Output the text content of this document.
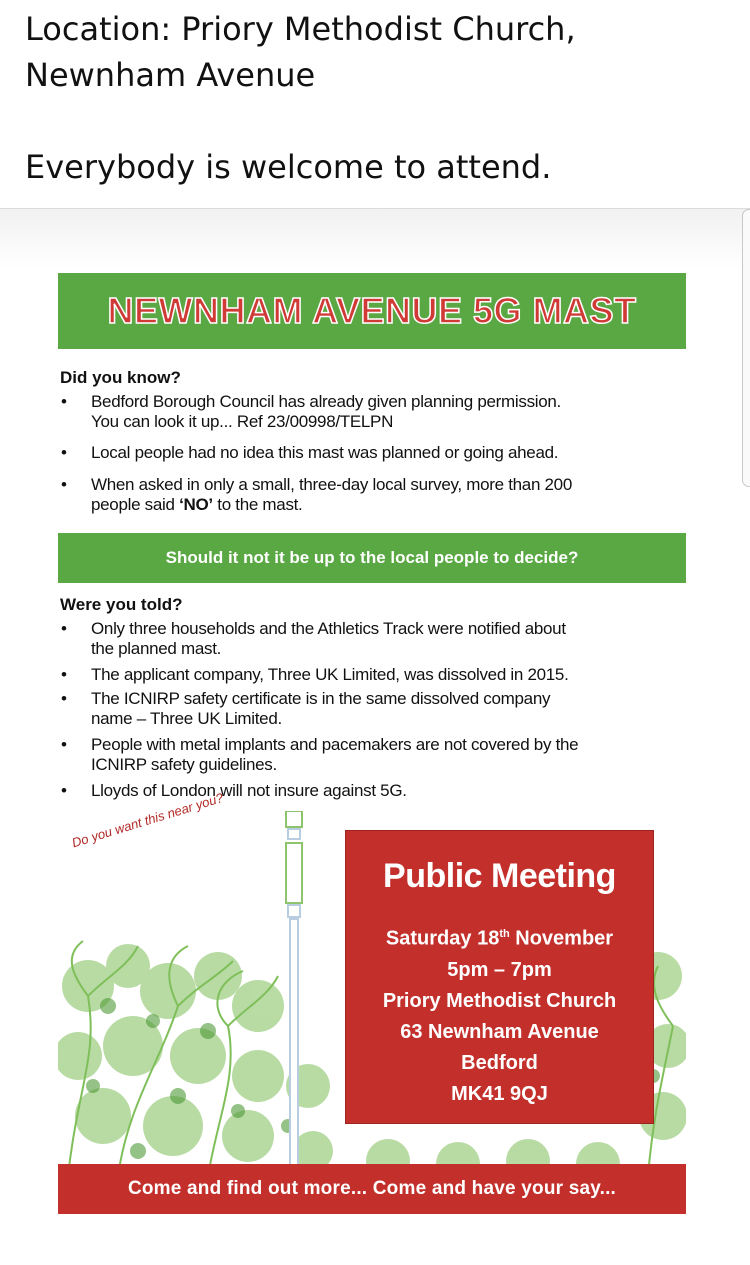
Location: Priory Methodist Church,

Newnham Avenue

Everybody is welcome to attend.

NEWNHAM AVENUE 5G MAST
Did you know?
• Bedford Borough Council has already given planning permission.
You can look it up... Ref 23/00998/TELPN
• Local people had no idea this mast was planned or going ahead.
• When asked in only a small, three-day local survey, more than 200
people said ‘NO’ to the mast.
Should it not it be up to the local people to decide?
Were you told?
• Only three households and the Athletics Track were notified about
the planned mast.
• The applicant company, Three UK Limited, was dissolved in 2015.
• The ICNIRP safety certificate is in the same dissolved company
name – Three UK Limited.
• People with metal implants and pacemakers are not covered by the
ICNIRP safety guidelines.
• Lloyds of London will not insure against 5G.
Do you want this near you?
Public Meeting
Saturday 18th November
5pm – 7pm
Priory Methodist Church
63 Newnham Avenue
Bedford
MK41 9QJ
Come and find out more... Come and have your say...
